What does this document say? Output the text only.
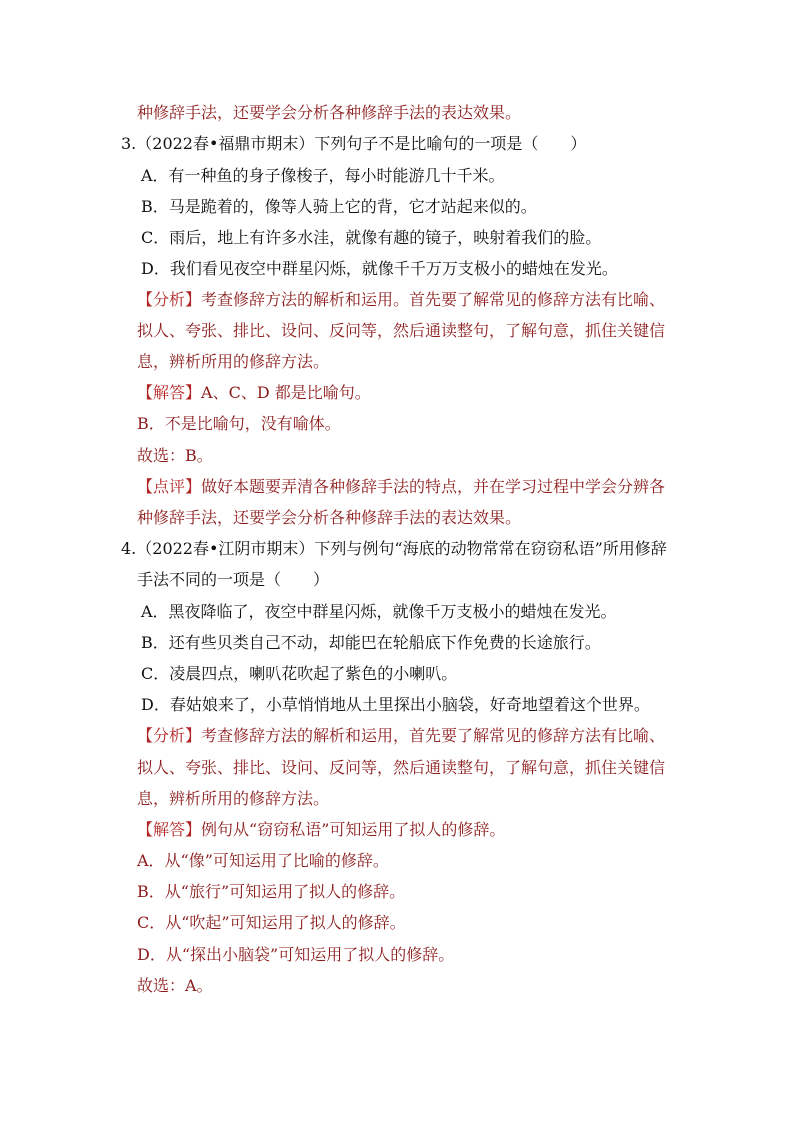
种修辞手法，还要学会分析各种修辞手法的表达效果。
3.（2022春•福鼎市期末）下列句子不是比喻句的一项是（　　）
A．有一种鱼的身子像梭子，每小时能游几十千米。
B．马是跪着的，像等人骑上它的背，它才站起来似的。
C．雨后，地上有许多水洼，就像有趣的镜子，映射着我们的脸。
D．我们看见夜空中群星闪烁，就像千千万万支极小的蜡烛在发光。
【分析】考查修辞方法的解析和运用。首先要了解常见的修辞方法有比喻、
拟人、夸张、排比、设问、反问等，然后通读整句，了解句意，抓住关键信
息，辨析所用的修辞方法。
【解答】A、C、D 都是比喻句。
B．不是比喻句，没有喻体。
故选：B。
【点评】做好本题要弄清各种修辞手法的特点，并在学习过程中学会分辨各
种修辞手法，还要学会分析各种修辞手法的表达效果。
4.（2022春•江阴市期末）下列与例句“海底的动物常常在窃窃私语”所用修辞
手法不同的一项是（　　）
A．黑夜降临了，夜空中群星闪烁，就像千万支极小的蜡烛在发光。
B．还有些贝类自己不动，却能巴在轮船底下作免费的长途旅行。
C．凌晨四点，喇叭花吹起了紫色的小喇叭。
D．春姑娘来了，小草悄悄地从土里探出小脑袋，好奇地望着这个世界。
【分析】考查修辞方法的解析和运用，首先要了解常见的修辞方法有比喻、
拟人、夸张、排比、设问、反问等，然后通读整句，了解句意，抓住关键信
息，辨析所用的修辞方法。
【解答】例句从“窃窃私语”可知运用了拟人的修辞。
A．从“像”可知运用了比喻的修辞。
B．从“旅行”可知运用了拟人的修辞。
C．从“吹起”可知运用了拟人的修辞。
D．从“探出小脑袋”可知运用了拟人的修辞。
故选：A。
